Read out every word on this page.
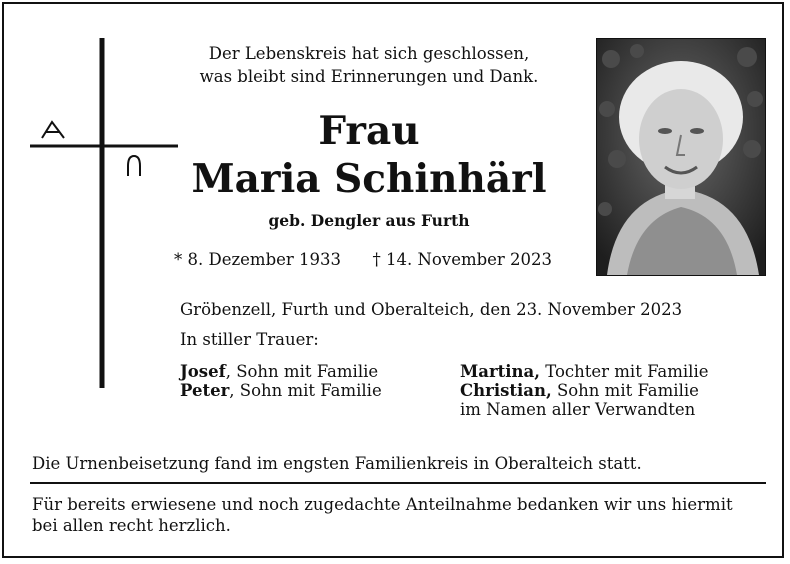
Der Lebenskreis hat sich geschlossen,
was bleibt sind Erinnerungen und Dank.
Frau
Maria Schinhärl
geb. Dengler aus Furth
* 8. Dezember 1933 † 14. November 2023
Gröbenzell, Furth und Oberalteich, den 23. November 2023
In stiller Trauer:
Josef, Sohn mit Familie
Peter, Sohn mit Familie
Martina, Tochter mit Familie
Christian, Sohn mit Familie
im Namen aller Verwandten
Die Urnenbeisetzung fand im engsten Familienkreis in Oberalteich statt.
Für bereits erwiesene und noch zugedachte Anteilnahme bedanken wir uns hiermit bei allen recht herzlich.
